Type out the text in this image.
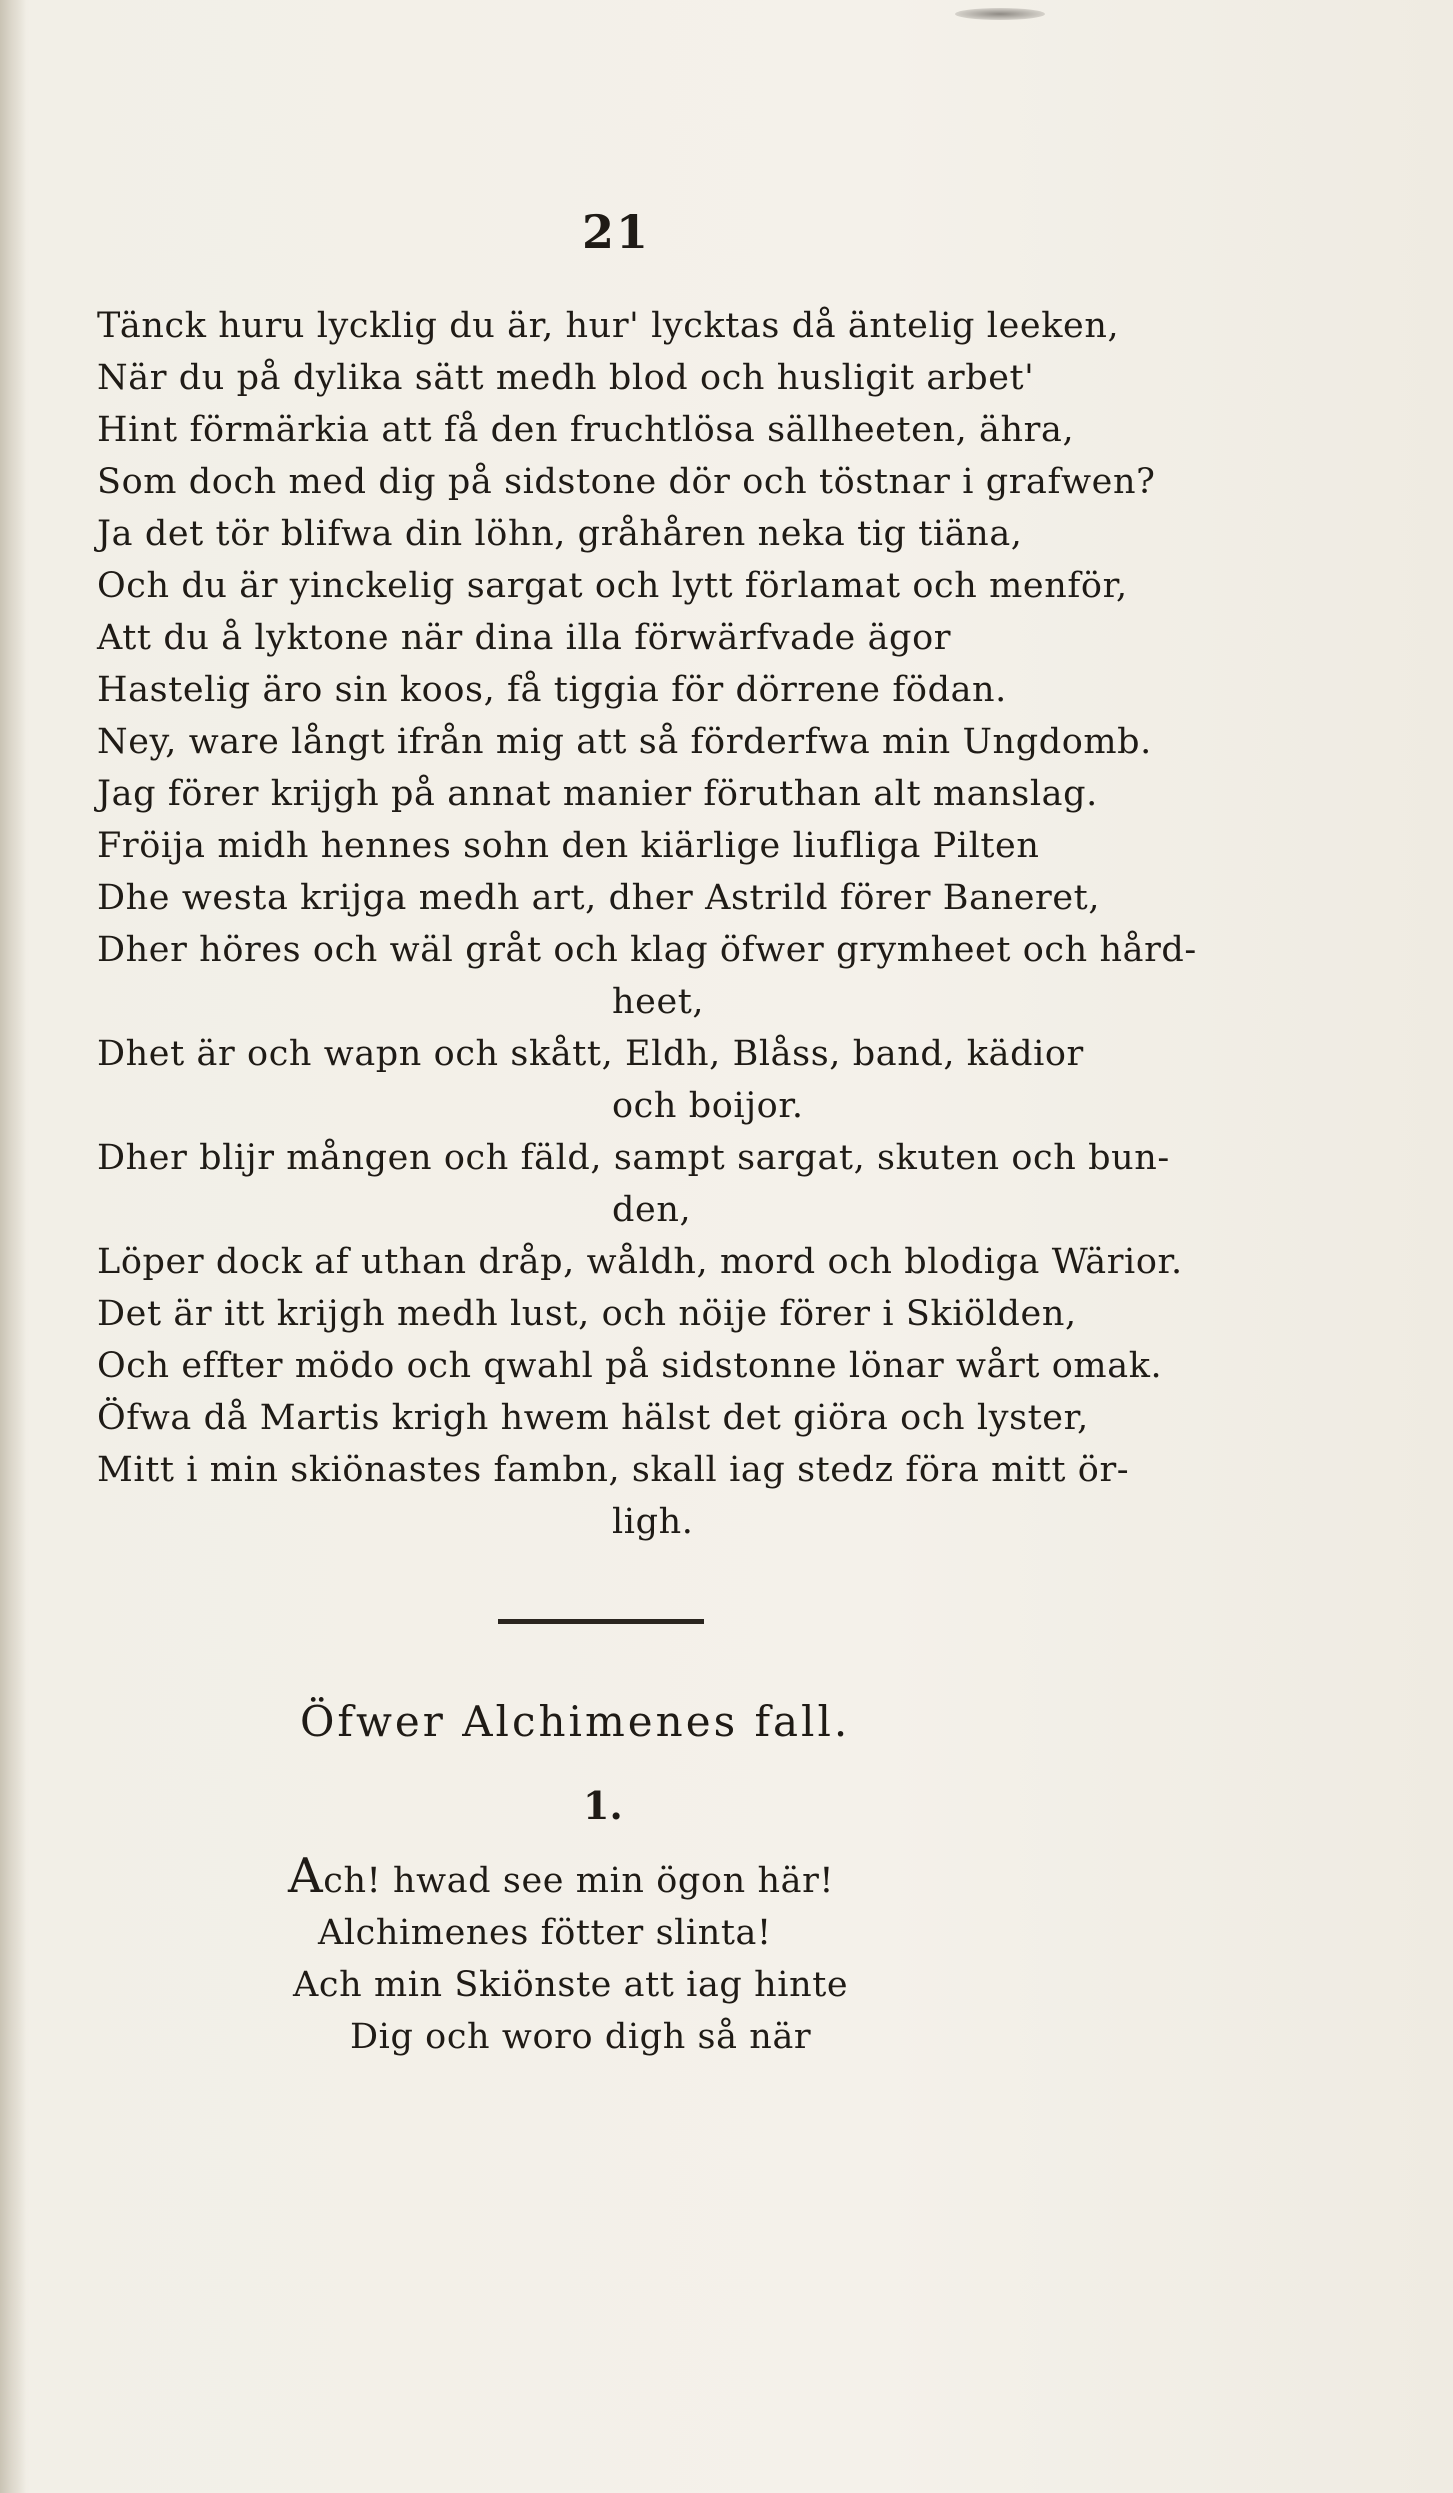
21
Tänck huru lycklig du är, hur' lycktas då äntelig leeken,
När du på dylika sätt medh blod och husligit arbet'
Hint förmärkia att få den fruchtlösa sällheeten, ähra,
Som doch med dig på sidstone dör och töstnar i grafwen?
Ja det tör blifwa din löhn, gråhåren neka tig tiäna,
Och du är yinckelig sargat och lytt förlamat och menför,
Att du å lyktone när dina illa förwärfvade ägor
Hastelig äro sin koos, få tiggia för dörrene födan.
Ney, ware långt ifrån mig att så förderfwa min Ungdomb.
Jag förer krijgh på annat manier föruthan alt manslag.
Fröija midh hennes sohn den kiärlige liufliga Pilten
Dhe westa krijga medh art, dher Astrild förer Baneret,
Dher höres och wäl gråt och klag öfwer grymheet och hård-
heet,
Dhet är och wapn och skått, Eldh, Blåss, band, kädior
och boijor.
Dher blijr mången och fäld, sampt sargat, skuten och bun-
den,
Löper dock af uthan dråp, wåldh, mord och blodiga Wärior.
Det är itt krijgh medh lust, och nöije förer i Skiölden,
Och effter mödo och qwahl på sidstonne lönar wårt omak.
Öfwa då Martis krigh hwem hälst det giöra och lyster,
Mitt i min skiönastes fambn, skall iag stedz föra mitt ör-
ligh.
Öfwer Alchimenes fall.
1.
Ach! hwad see min ögon här!
Alchimenes fötter slinta!
Ach min Skiönste att iag hinte
Dig och woro digh så när
